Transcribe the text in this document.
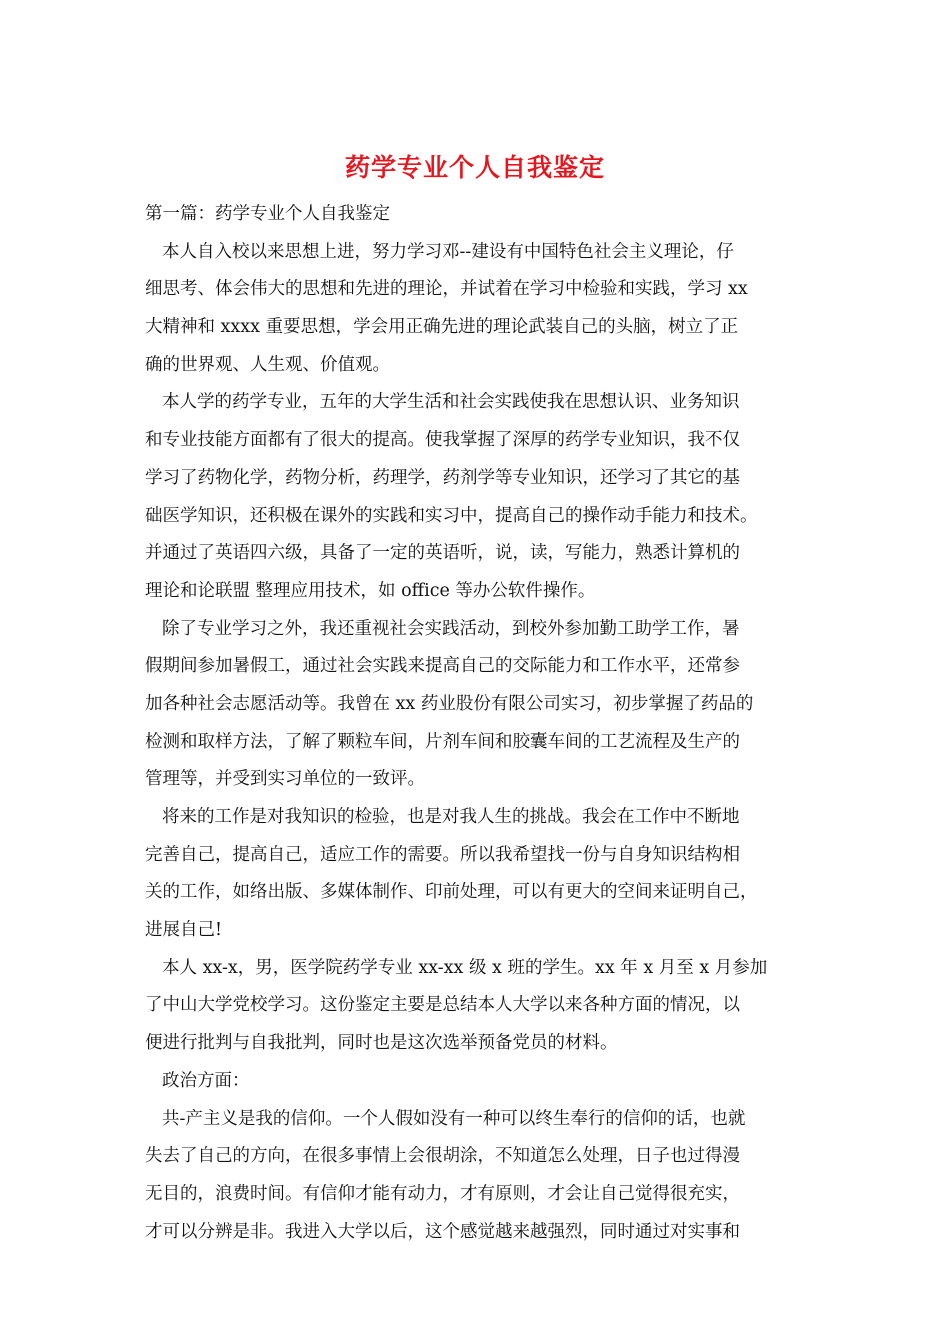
药学专业个人自我鉴定
第一篇：药学专业个人自我鉴定
本人自入校以来思想上进，努力学习邓--建设有中国特色社会主义理论，仔
细思考、体会伟大的思想和先进的理论，并试着在学习中检验和实践，学习 xx
大精神和 xxxx 重要思想，学会用正确先进的理论武装自己的头脑，树立了正
确的世界观、人生观、价值观。
本人学的药学专业，五年的大学生活和社会实践使我在思想认识、业务知识
和专业技能方面都有了很大的提高。使我掌握了深厚的药学专业知识，我不仅
学习了药物化学，药物分析，药理学，药剂学等专业知识，还学习了其它的基
础医学知识，还积极在课外的实践和实习中，提高自己的操作动手能力和技术。
并通过了英语四六级，具备了一定的英语听，说，读，写能力，熟悉计算机的
理论和论联盟 整理应用技术，如 office 等办公软件操作。
除了专业学习之外，我还重视社会实践活动，到校外参加勤工助学工作，暑
假期间参加暑假工，通过社会实践来提高自己的交际能力和工作水平，还常参
加各种社会志愿活动等。我曾在 xx 药业股份有限公司实习，初步掌握了药品的
检测和取样方法，了解了颗粒车间，片剂车间和胶囊车间的工艺流程及生产的
管理等，并受到实习单位的一致评。
将来的工作是对我知识的检验，也是对我人生的挑战。我会在工作中不断地
完善自己，提高自己，适应工作的需要。所以我希望找一份与自身知识结构相
关的工作，如络出版、多媒体制作、印前处理，可以有更大的空间来证明自己，
进展自己!
本人 xx-x，男，医学院药学专业 xx-xx 级 x 班的学生。xx 年 x 月至 x 月参加
了中山大学党校学习。这份鉴定主要是总结本人大学以来各种方面的情况，以
便进行批判与自我批判，同时也是这次选举预备党员的材料。
政治方面：
共-产主义是我的信仰。一个人假如没有一种可以终生奉行的信仰的话，也就
失去了自己的方向，在很多事情上会很胡涂，不知道怎么处理，日子也过得漫
无目的，浪费时间。有信仰才能有动力，才有原则，才会让自己觉得很充实，
才可以分辨是非。我进入大学以后，这个感觉越来越强烈，同时通过对实事和
